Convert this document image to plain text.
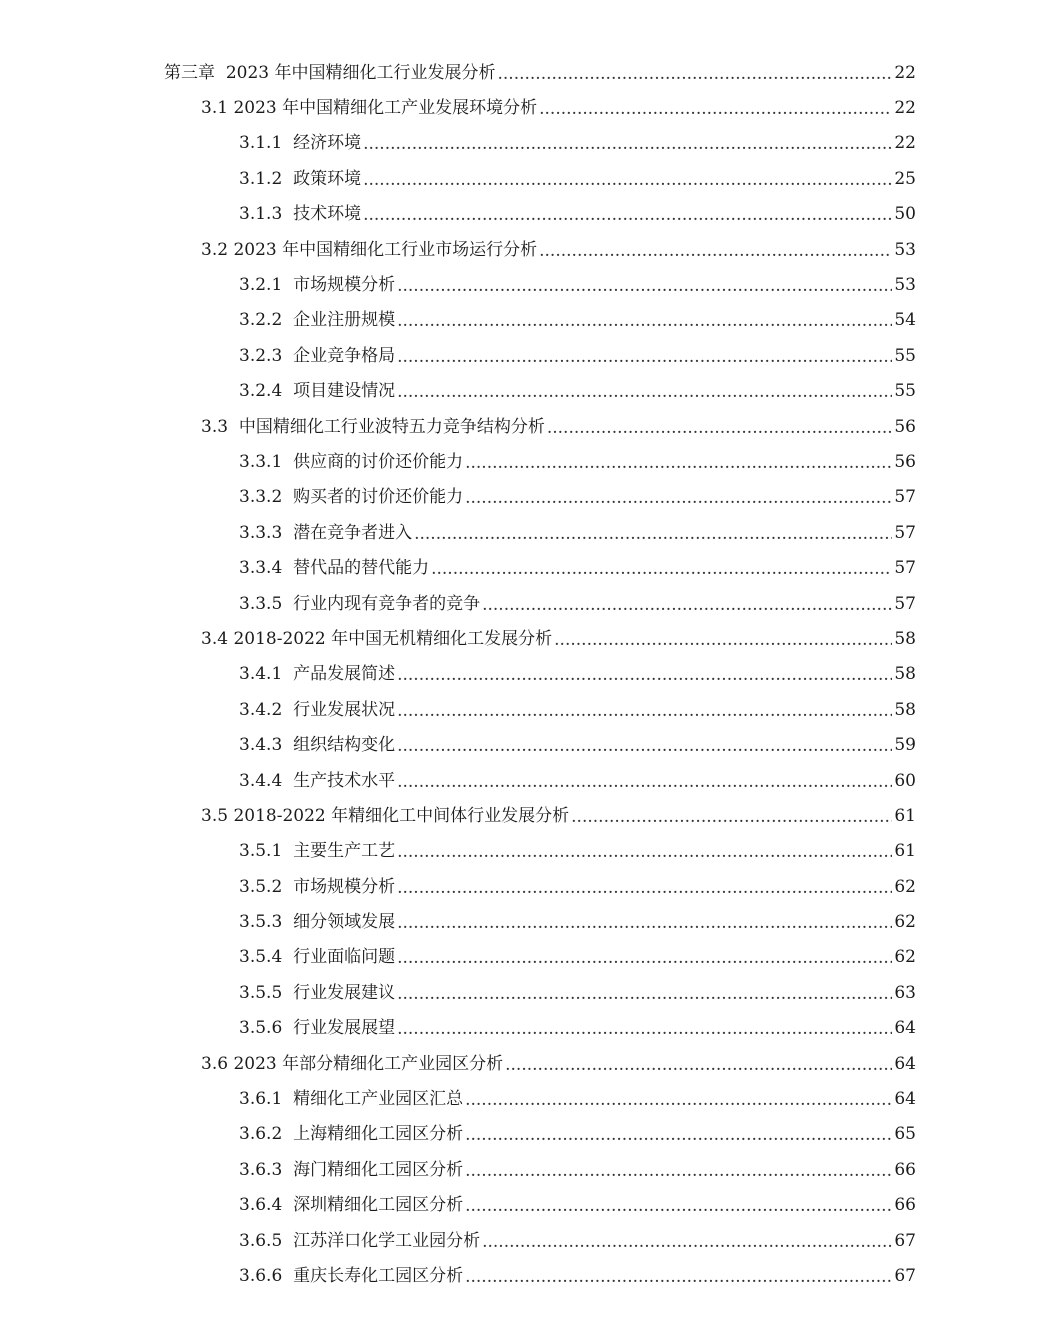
第三章 2023 年中国精细化工行业发展分析 .....	22
3.1 2023 年中国精细化工产业发展环境分析 .....	22
3.1.1 经济环境 .....	22
3.1.2 政策环境 .....	25
3.1.3 技术环境 .....	50
3.2 2023 年中国精细化工行业市场运行分析 .....	53
3.2.1 市场规模分析 .....	53
3.2.2 企业注册规模 .....	54
3.2.3 企业竞争格局 .....	55
3.2.4 项目建设情况 .....	55
3.3 中国精细化工行业波特五力竞争结构分析 .....	56
3.3.1 供应商的讨价还价能力 .....	56
3.3.2 购买者的讨价还价能力 .....	57
3.3.3 潜在竞争者进入 .....	57
3.3.4 替代品的替代能力 .....	57
3.3.5 行业内现有竞争者的竞争 .....	57
3.4 2018-2022 年中国无机精细化工发展分析 .....	58
3.4.1 产品发展简述 .....	58
3.4.2 行业发展状况 .....	58
3.4.3 组织结构变化 .....	59
3.4.4 生产技术水平 .....	60
3.5 2018-2022 年精细化工中间体行业发展分析 .....	61
3.5.1 主要生产工艺 .....	61
3.5.2 市场规模分析 .....	62
3.5.3 细分领域发展 .....	62
3.5.4 行业面临问题 .....	62
3.5.5 行业发展建议 .....	63
3.5.6 行业发展展望 .....	64
3.6 2023 年部分精细化工产业园区分析 .....	64
3.6.1 精细化工产业园区汇总 .....	64
3.6.2 上海精细化工园区分析 .....	65
3.6.3 海门精细化工园区分析 .....	66
3.6.4 深圳精细化工园区分析 .....	66
3.6.5 江苏洋口化学工业园分析 .....	67
3.6.6 重庆长寿化工园区分析 .....	67
